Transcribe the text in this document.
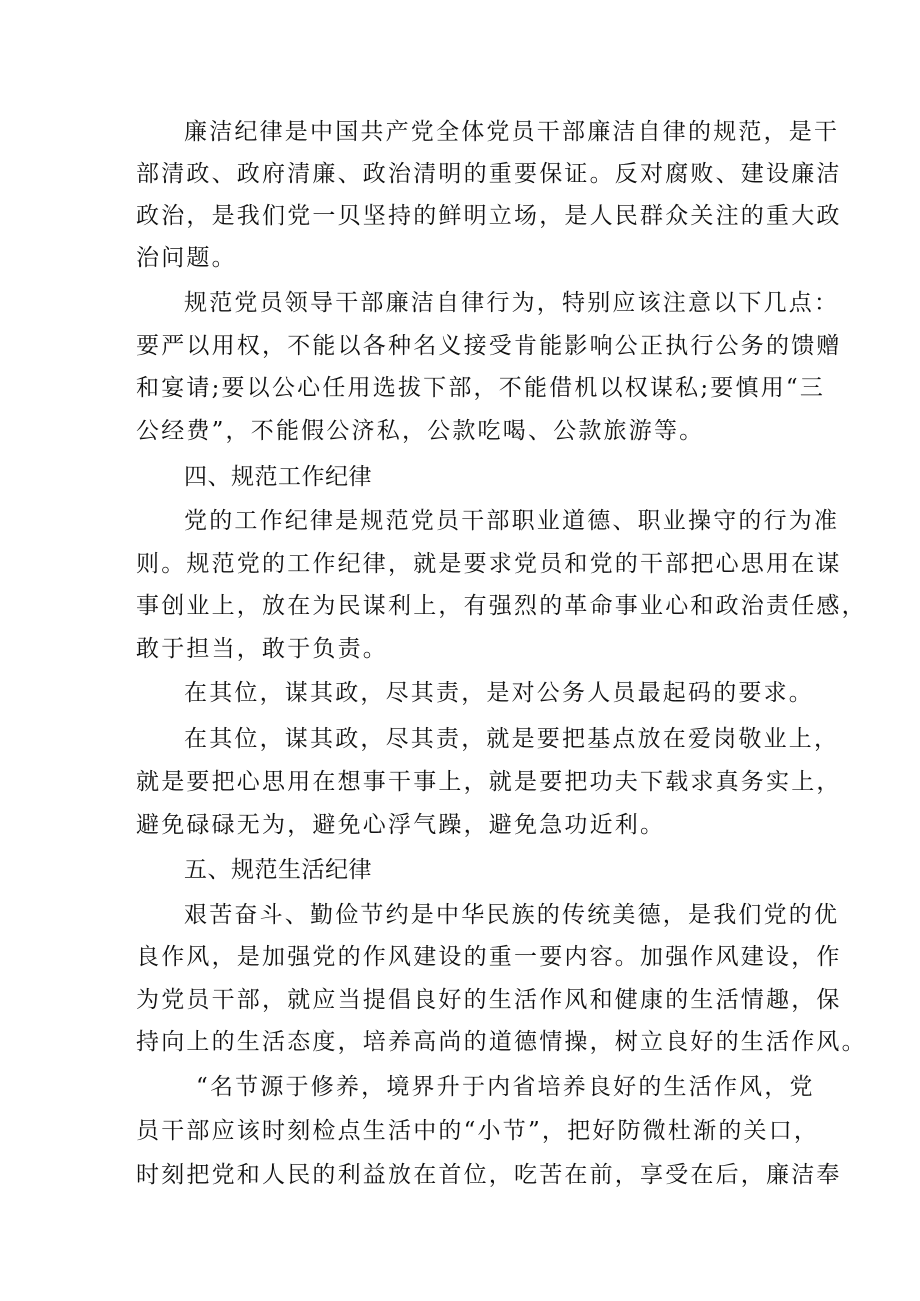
廉洁纪律是中国共产党全体党员干部廉洁自律的规范，是干
部清政、政府清廉、政治清明的重要保证。反对腐败、建设廉洁
政治，是我们党一贝坚持的鲜明立场，是人民群众关注的重大政
治问题。
规范党员领导干部廉洁自律行为，特别应该注意以下几点：
要严以用权，不能以各种名义接受肯能影响公正执行公务的馈赠
和宴请;要以公心任用选拔下部，不能借机以权谋私;要慎用“三
公经费”，不能假公济私，公款吃喝、公款旅游等。
四、规范工作纪律
党的工作纪律是规范党员干部职业道德、职业操守的行为准
则。规范党的工作纪律，就是要求党员和党的干部把心思用在谋
事创业上，放在为民谋利上，有强烈的革命事业心和政治责任感，
敢于担当，敢于负责。
在其位，谋其政，尽其责，是对公务人员最起码的要求。
在其位，谋其政，尽其责，就是要把基点放在爱岗敬业上，
就是要把心思用在想事干事上，就是要把功夫下载求真务实上，
避免碌碌无为，避免心浮气躁，避免急功近利。
五、规范生活纪律
艰苦奋斗、勤俭节约是中华民族的传统美德，是我们党的优
良作风，是加强党的作风建设的重一要内容。加强作风建设，作
为党员干部，就应当提倡良好的生活作风和健康的生活情趣，保
持向上的生活态度，培养高尚的道德情操，树立良好的生活作风。
“名节源于修养，境界升于内省培养良好的生活作风，党
员干部应该时刻检点生活中的“小节”，把好防微杜渐的关口，
时刻把党和人民的利益放在首位，吃苦在前，享受在后，廉洁奉
